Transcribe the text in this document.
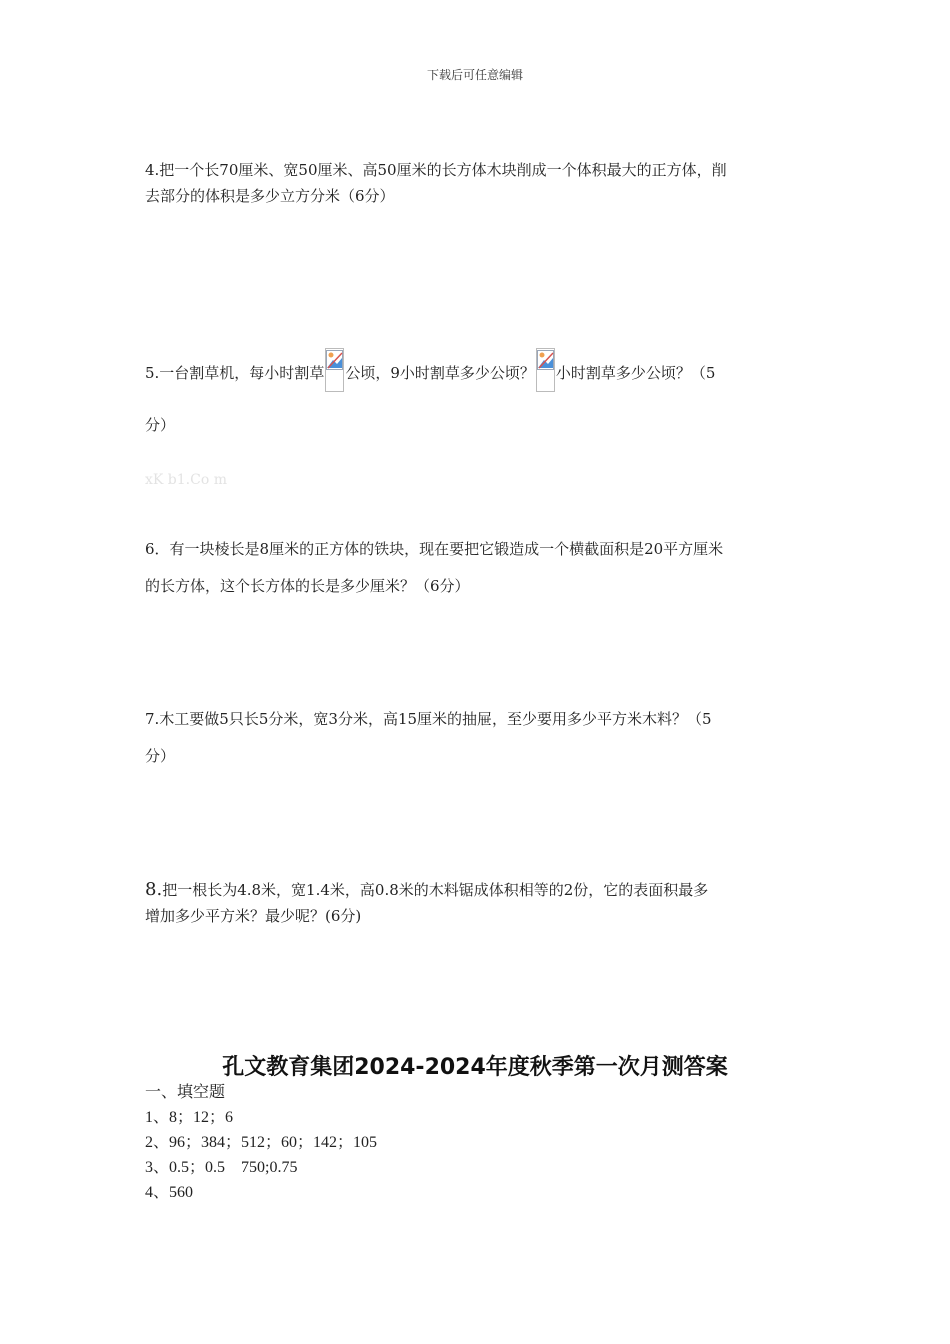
下载后可任意编辑

4.把一个长70厘米、宽50厘米、高50厘米的长方体木块削成一个体积最大的正方体，削

去部分的体积是多少立方分米（6分）

5.一台割草机，每小时割草 公顷，9小时割草多少公顷？ 小时割草多少公顷？（5
分）
xK b1.Co m

6．有一块棱长是8厘米的正方体的铁块，现在要把它锻造成一个横截面积是20平方厘米

的长方体，这个长方体的长是多少厘米？（6分）

7.木工要做5只长5分米，宽3分米，高15厘米的抽屉，至少要用多少平方米木料？（5

分）

8.把一根长为4.8米，宽1.4米，高0.8米的木料锯成体积相等的2份，它的表面积最多

增加多少平方米？最少呢？(6分)

孔文教育集团2024-2024年度秋季第一次月测答案
一、填空题
1、8；12；6
2、96；384；512；60；142；105
3、0.5；0.5    750;0.75
4、560
